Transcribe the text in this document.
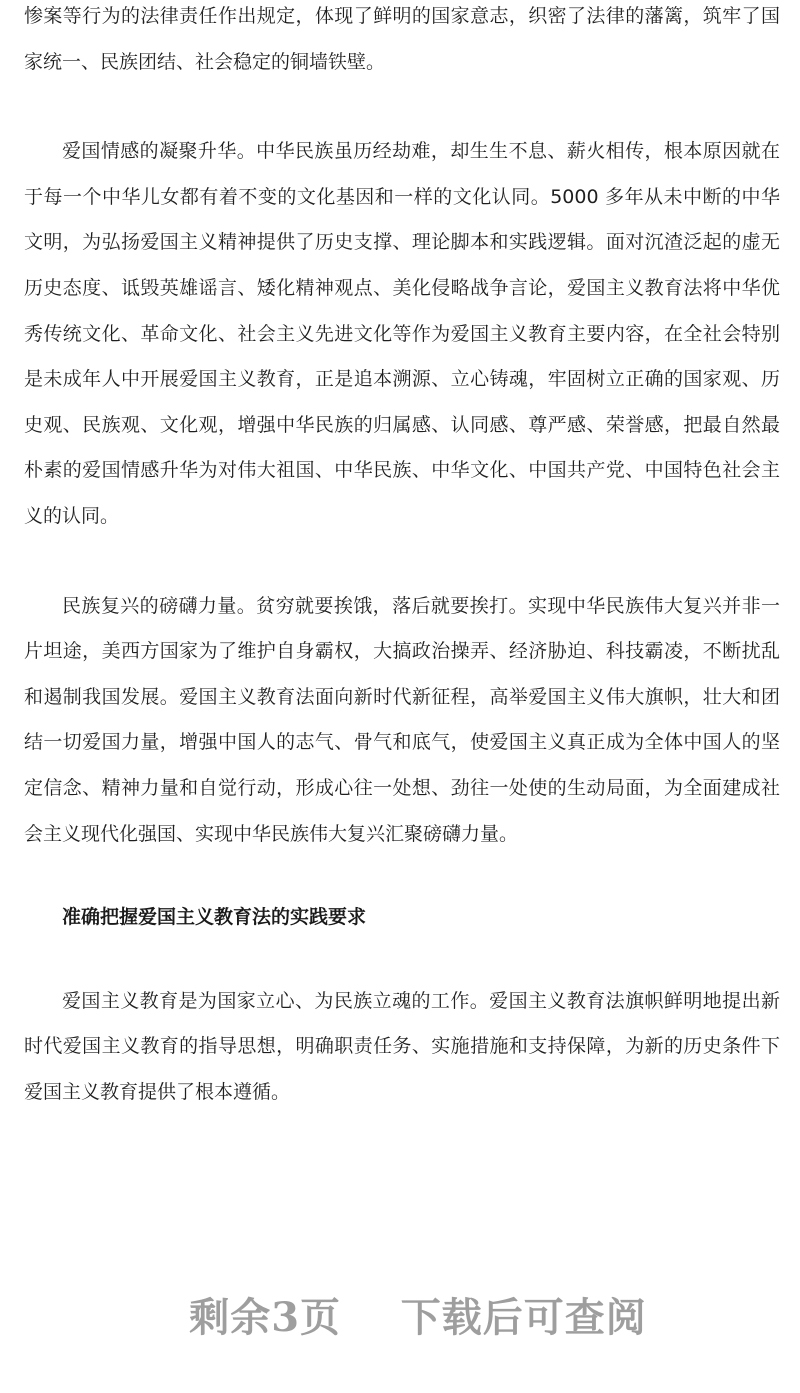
惨案等行为的法律责任作出规定，体现了鲜明的国家意志，织密了法律的藩篱，筑牢了国家统一、民族团结、社会稳定的铜墙铁壁。

爱国情感的凝聚升华。中华民族虽历经劫难，却生生不息、薪火相传，根本原因就在于每一个中华儿女都有着不变的文化基因和一样的文化认同。5000 多年从未中断的中华文明，为弘扬爱国主义精神提供了历史支撑、理论脚本和实践逻辑。面对沉渣泛起的虚无历史态度、诋毁英雄谣言、矮化精神观点、美化侵略战争言论，爱国主义教育法将中华优秀传统文化、革命文化、社会主义先进文化等作为爱国主义教育主要内容，在全社会特别是未成年人中开展爱国主义教育，正是追本溯源、立心铸魂，牢固树立正确的国家观、历史观、民族观、文化观，增强中华民族的归属感、认同感、尊严感、荣誉感，把最自然最朴素的爱国情感升华为对伟大祖国、中华民族、中华文化、中国共产党、中国特色社会主义的认同。

民族复兴的磅礴力量。贫穷就要挨饿，落后就要挨打。实现中华民族伟大复兴并非一片坦途，美西方国家为了维护自身霸权，大搞政治操弄、经济胁迫、科技霸凌，不断扰乱和遏制我国发展。爱国主义教育法面向新时代新征程，高举爱国主义伟大旗帜，壮大和团结一切爱国力量，增强中国人的志气、骨气和底气，使爱国主义真正成为全体中国人的坚定信念、精神力量和自觉行动，形成心往一处想、劲往一处使的生动局面，为全面建成社会主义现代化强国、实现中华民族伟大复兴汇聚磅礴力量。

准确把握爱国主义教育法的实践要求

爱国主义教育是为国家立心、为民族立魂的工作。爱国主义教育法旗帜鲜明地提出新时代爱国主义教育的指导思想，明确职责任务、实施措施和支持保障，为新的历史条件下爱国主义教育提供了根本遵循。

剩余3页 下载后可查阅
